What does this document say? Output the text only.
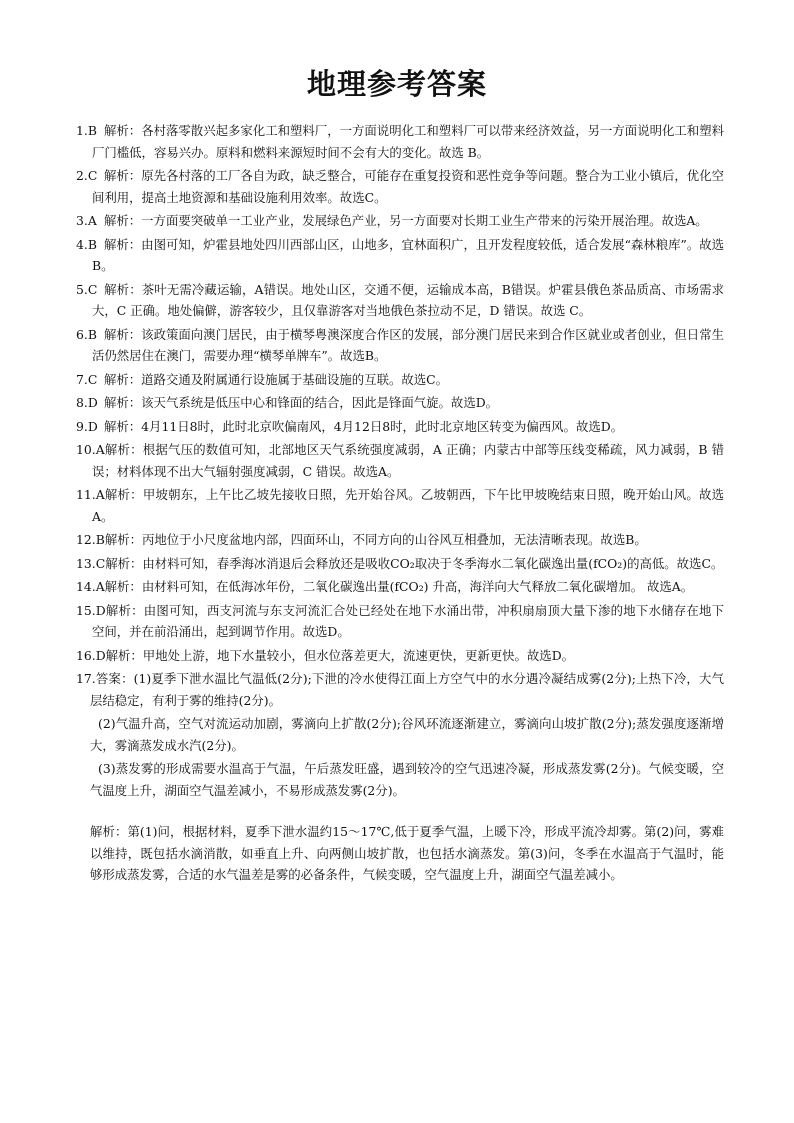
地理参考答案
1.B 解析：各村落零散兴起多家化工和塑料厂，一方面说明化工和塑料厂可以带来经济效益，另一方面说明化工和塑料厂门槛低，容易兴办。原料和燃料来源短时间不会有大的变化。故选 B。
2.C 解析：原先各村落的工厂各自为政，缺乏整合，可能存在重复投资和恶性竞争等问题。整合为工业小镇后，优化空间利用，提高土地资源和基础设施利用效率。故选C。
3.A 解析：一方面要突破单一工业产业，发展绿色产业，另一方面要对长期工业生产带来的污染开展治理。故选A。
4.B 解析：由图可知，炉霍县地处四川西部山区，山地多，宜林面积广，且开发程度较低，适合发展“森林粮库”。故选B。
5.C 解析：茶叶无需冷藏运输，A错误。地处山区，交通不便，运输成本高，B错误。炉霍县俄色茶品质高、市场需求大，C 正确。地处偏僻，游客较少，且仅靠游客对当地俄色茶拉动不足，D 错误。故选 C。
6.B 解析：该政策面向澳门居民，由于横琴粤澳深度合作区的发展，部分澳门居民来到合作区就业或者创业，但日常生活仍然居住在澳门，需要办理“横琴单牌车”。故选B。
7.C 解析：道路交通及附属通行设施属于基础设施的互联。故选C。
8.D 解析：该天气系统是低压中心和锋面的结合，因此是锋面气旋。故选D。
9.D 解析：4月11日8时，此时北京吹偏南风，4月12日8时，此时北京地区转变为偏西风。故选D。
10.A解析：根据气压的数值可知，北部地区天气系统强度减弱，A 正确；内蒙古中部等压线变稀疏，风力减弱，B 错误；材料体现不出大气辐射强度减弱，C 错误。故选A。
11.A解析：甲坡朝东，上午比乙坡先接收日照，先开始谷风。乙坡朝西，下午比甲坡晚结束日照，晚开始山风。故选A。
12.B解析：丙地位于小尺度盆地内部，四面环山，不同方向的山谷风互相叠加，无法清晰表现。故选B。
13.C解析：由材料可知，春季海冰消退后会释放还是吸收CO₂取决于冬季海水二氧化碳逸出量(fCO₂)的高低。故选C。
14.A解析：由材料可知，在低海冰年份，二氧化碳逸出量(fCO₂) 升高，海洋向大气释放二氧化碳增加。 故选A。
15.D解析：由图可知，西支河流与东支河流汇合处已经处在地下水涌出带，冲积扇扇顶大量下渗的地下水储存在地下空间，并在前沿涌出，起到调节作用。故选D。
16.D解析：甲地处上游，地下水量较小，但水位落差更大，流速更快，更新更快。故选D。
17.答案：(1)夏季下泄水温比气温低(2分);下泄的冷水使得江面上方空气中的水分遇冷凝结成雾(2分);上热下冷，大气层结稳定，有利于雾的维持(2分)。
(2)气温升高，空气对流运动加剧，雾滴向上扩散(2分);谷风环流逐渐建立，雾滴向山坡扩散(2分);蒸发强度逐渐增大，雾滴蒸发成水汽(2分)。
(3)蒸发雾的形成需要水温高于气温，午后蒸发旺盛，遇到较冷的空气迅速冷凝，形成蒸发雾(2分)。气候变暖，空气温度上升，湖面空气温差减小，不易形成蒸发雾(2分)。
解析：第(1)问，根据材料，夏季下泄水温约15～17℃,低于夏季气温，上暖下冷，形成平流冷却雾。第(2)问，雾难以维持，既包括水滴消散，如垂直上升、向两侧山坡扩散，也包括水滴蒸发。第(3)问，冬季在水温高于气温时，能够形成蒸发雾，合适的水气温差是雾的必备条件，气候变暖，空气温度上升，湖面空气温差减小。
